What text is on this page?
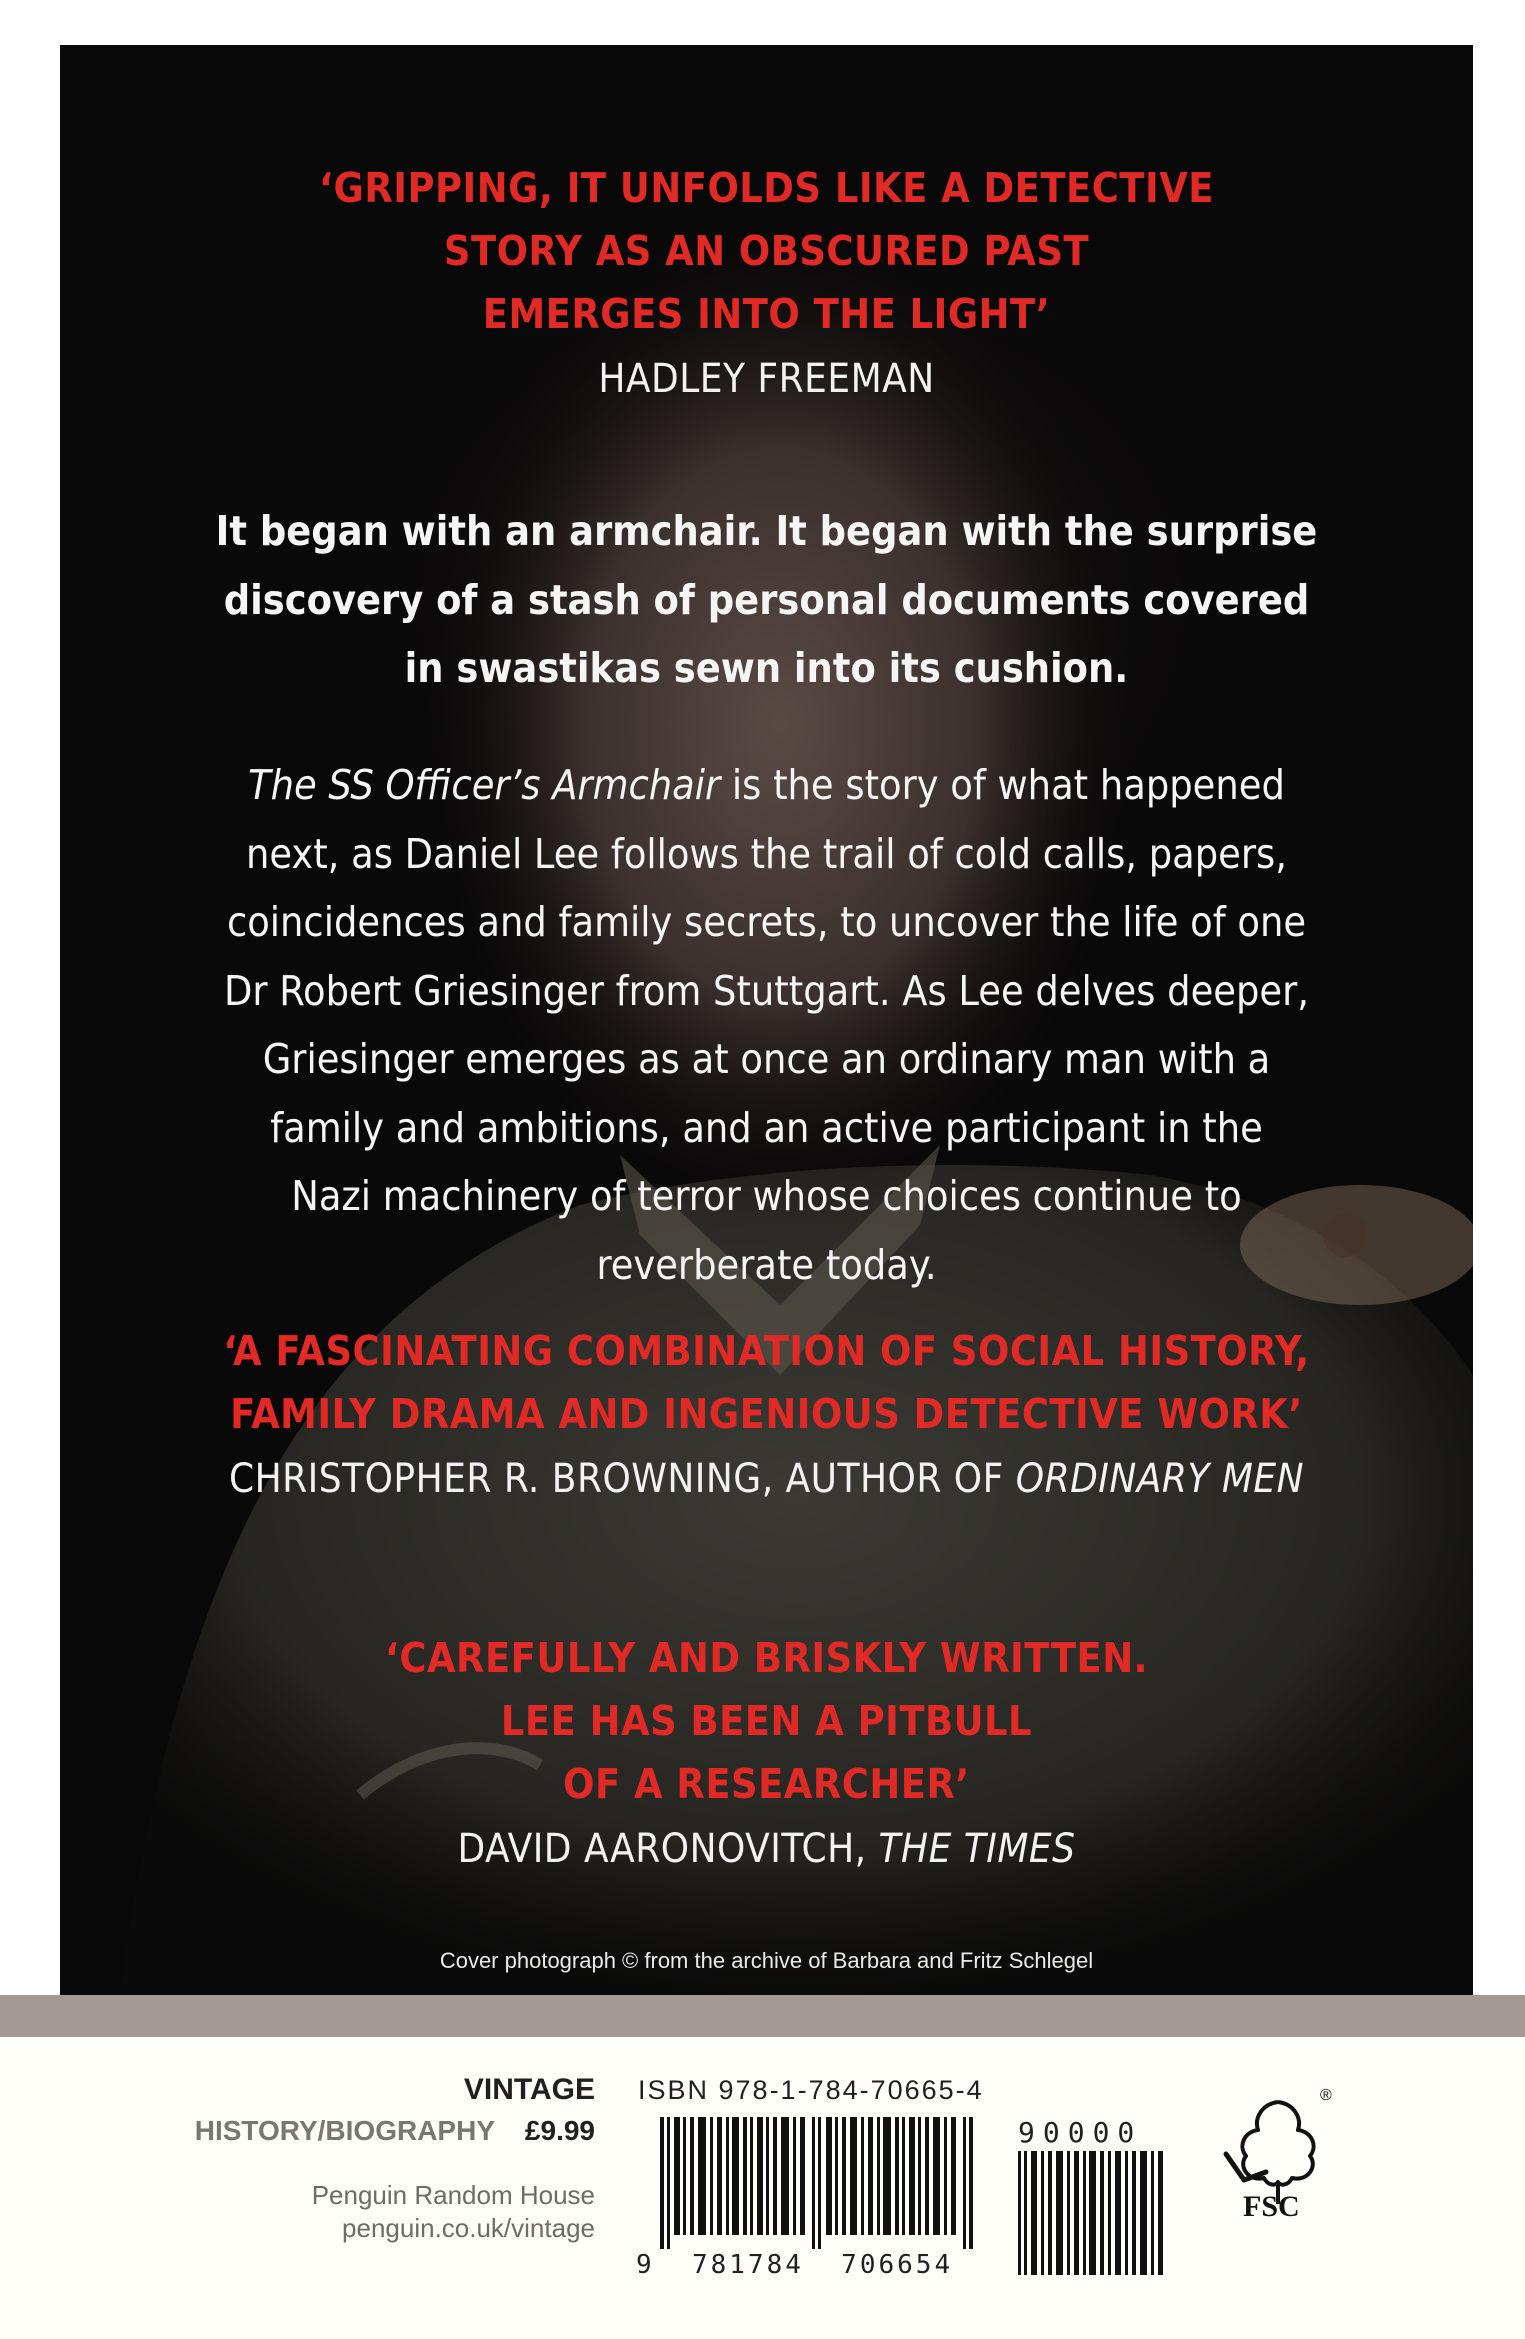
‘GRIPPING, IT UNFOLDS LIKE A DETECTIVE
STORY AS AN OBSCURED PAST
EMERGES INTO THE LIGHT’
HADLEY FREEMAN
It began with an armchair. It began with the surprise
discovery of a stash of personal documents covered
in swastikas sewn into its cushion.
The SS Officer’s Armchair is the story of what happened
next, as Daniel Lee follows the trail of cold calls, papers,
coincidences and family secrets, to uncover the life of one
Dr Robert Griesinger from Stuttgart. As Lee delves deeper,
Griesinger emerges as at once an ordinary man with a
family and ambitions, and an active participant in the
Nazi machinery of terror whose choices continue to
reverberate today.
‘A FASCINATING COMBINATION OF SOCIAL HISTORY,
FAMILY DRAMA AND INGENIOUS DETECTIVE WORK’
CHRISTOPHER R. BROWNING, AUTHOR OF ORDINARY MEN
‘CAREFULLY AND BRISKLY WRITTEN.
LEE HAS BEEN A PITBULL
OF A RESEARCHER’
DAVID AARONOVITCH, THE TIMES
Cover photograph © from the archive of Barbara and Fritz Schlegel
VINTAGE
HISTORY/BIOGRAPHY £9.99
Penguin Random House
penguin.co.uk/vintage
ISBN 978-1-784-70665-4
9  781784  706654
90000
®
FSC
